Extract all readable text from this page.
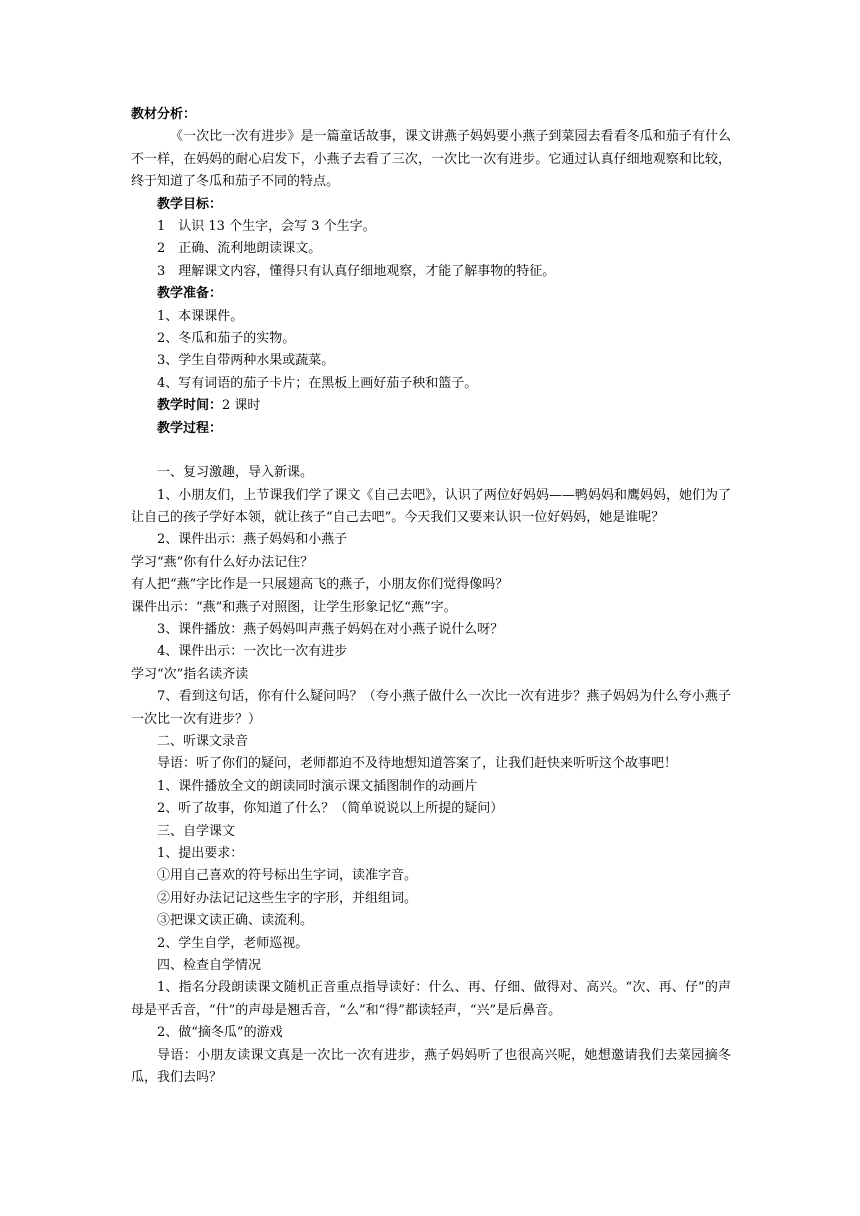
教材分析：

《一次比一次有进步》是一篇童话故事，课文讲燕子妈妈要小燕子到菜园去看看冬瓜和茄子有什么不一样，在妈妈的耐心启发下，小燕子去看了三次，一次比一次有进步。它通过认真仔细地观察和比较，终于知道了冬瓜和茄子不同的特点。

教学目标：

1　认识 13 个生字，会写 3 个生字。

2　正确、流利地朗读课文。

3　理解课文内容，懂得只有认真仔细地观察，才能了解事物的特征。

教学准备：

1、本课课件。

2、冬瓜和茄子的实物。

3、学生自带两种水果或蔬菜。

4、写有词语的茄子卡片；在黑板上画好茄子秧和篮子。

教学时间：2 课时

教学过程：

一、复习激趣，导入新课。

1、小朋友们，上节课我们学了课文《自己去吧》，认识了两位好妈妈——鸭妈妈和鹰妈妈，她们为了让自己的孩子学好本领，就让孩子“自己去吧”。今天我们又要来认识一位好妈妈，她是谁呢？

2、课件出示：燕子妈妈和小燕子

学习“燕”你有什么好办法记住？

有人把“燕”字比作是一只展翅高飞的燕子，小朋友你们觉得像吗？

课件出示：“燕”和燕子对照图，让学生形象记忆“燕”字。

3、课件播放：燕子妈妈叫声燕子妈妈在对小燕子说什么呀？

4、课件出示：一次比一次有进步

学习“次”指名读齐读

7、看到这句话，你有什么疑问吗？（夸小燕子做什么一次比一次有进步？燕子妈妈为什么夸小燕子一次比一次有进步？）

二、听课文录音

导语：听了你们的疑问，老师都迫不及待地想知道答案了，让我们赶快来听听这个故事吧！

1、课件播放全文的朗读同时演示课文插图制作的动画片

2、听了故事，你知道了什么？（简单说说以上所提的疑问）

三、自学课文

1、提出要求：

①用自己喜欢的符号标出生字词，读准字音。

②用好办法记记这些生字的字形，并组组词。

③把课文读正确、读流利。

2、学生自学，老师巡视。

四、检查自学情况

1、指名分段朗读课文随机正音重点指导读好：什么、再、仔细、做得对、高兴。“次、再、仔”的声母是平舌音，“什”的声母是翘舌音，“么”和“得”都读轻声，“兴”是后鼻音。

2、做“摘冬瓜”的游戏

导语：小朋友读课文真是一次比一次有进步，燕子妈妈听了也很高兴呢，她想邀请我们去菜园摘冬瓜，我们去吗？
